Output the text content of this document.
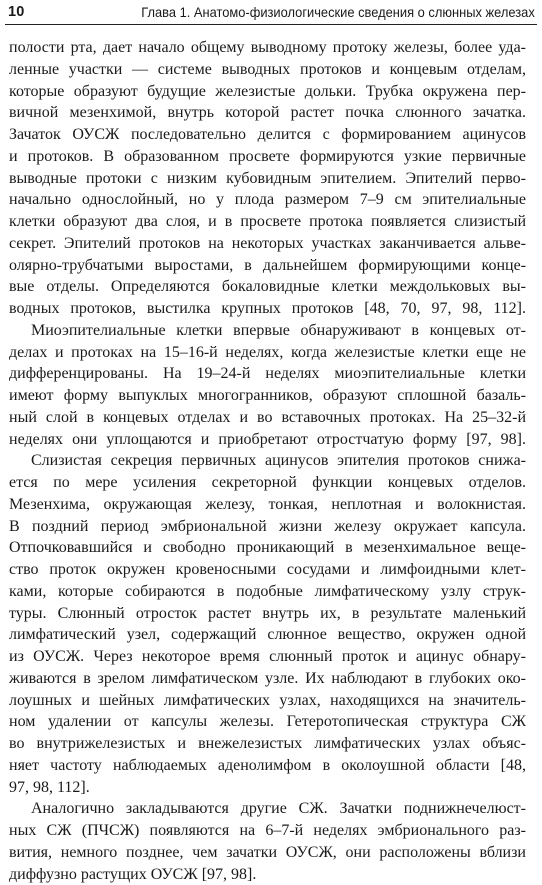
10	Глава 1. Анатомо-физиологические сведения о слюнных железах
полости рта, дает начало общему выводному протоку железы, более уда-
ленные участки — системе выводных протоков и концевым отделам,
которые образуют будущие железистые дольки. Трубка окружена пер-
вичной мезенхимой, внутрь которой растет почка слюнного зачатка.
Зачаток ОУСЖ последовательно делится с формированием ацинусов
и протоков. В образованном просвете формируются узкие первичные
выводные протоки с низким кубовидным эпителием. Эпителий перво-
начально однослойный, но у плода размером 7–9 см эпителиальные
клетки образуют два слоя, и в просвете протока появляется слизистый
секрет. Эпителий протоков на некоторых участках заканчивается альве-
олярно-трубчатыми выростами, в дальнейшем формирующими конце-
вые отделы. Определяются бокаловидные клетки междольковых вы-
водных протоков, выстилка крупных протоков [48, 70, 97, 98, 112].
Миоэпителиальные клетки впервые обнаруживают в концевых от-
делах и протоках на 15–16-й неделях, когда железистые клетки еще не
дифференцированы. На 19–24-й неделях миоэпителиальные клетки
имеют форму выпуклых многогранников, образуют сплошной базаль-
ный слой в концевых отделах и во вставочных протоках. На 25–32-й
неделях они уплощаются и приобретают отростчатую форму [97, 98].
Слизистая секреция первичных ацинусов эпителия протоков снижа-
ется по мере усиления секреторной функции концевых отделов.
Мезенхима, окружающая железу, тонкая, неплотная и волокнистая.
В поздний период эмбриональной жизни железу окружает капсула.
Отпочковавшийся и свободно проникающий в мезенхимальное веще-
ство проток окружен кровеносными сосудами и лимфоидными клет-
ками, которые собираются в подобные лимфатическому узлу струк-
туры. Слюнный отросток растет внутрь их, в результате маленький
лимфатический узел, содержащий слюнное вещество, окружен одной
из ОУСЖ. Через некоторое время слюнный проток и ацинус обнару-
живаются в зрелом лимфатическом узле. Их наблюдают в глубоких око-
лоушных и шейных лимфатических узлах, находящихся на значитель-
ном удалении от капсулы железы. Гетеротопическая структура СЖ
во внутрижелезистых и внежелезистых лимфатических узлах объяс-
няет частоту наблюдаемых аденолимфом в околоушной области [48,
97, 98, 112].
Аналогично закладываются другие СЖ. Зачатки поднижнечелюст-
ных СЖ (ПЧСЖ) появляются на 6–7-й неделях эмбрионального раз-
вития, немного позднее, чем зачатки ОУСЖ, они расположены вблизи
диффузно растущих ОУСЖ [97, 98].
